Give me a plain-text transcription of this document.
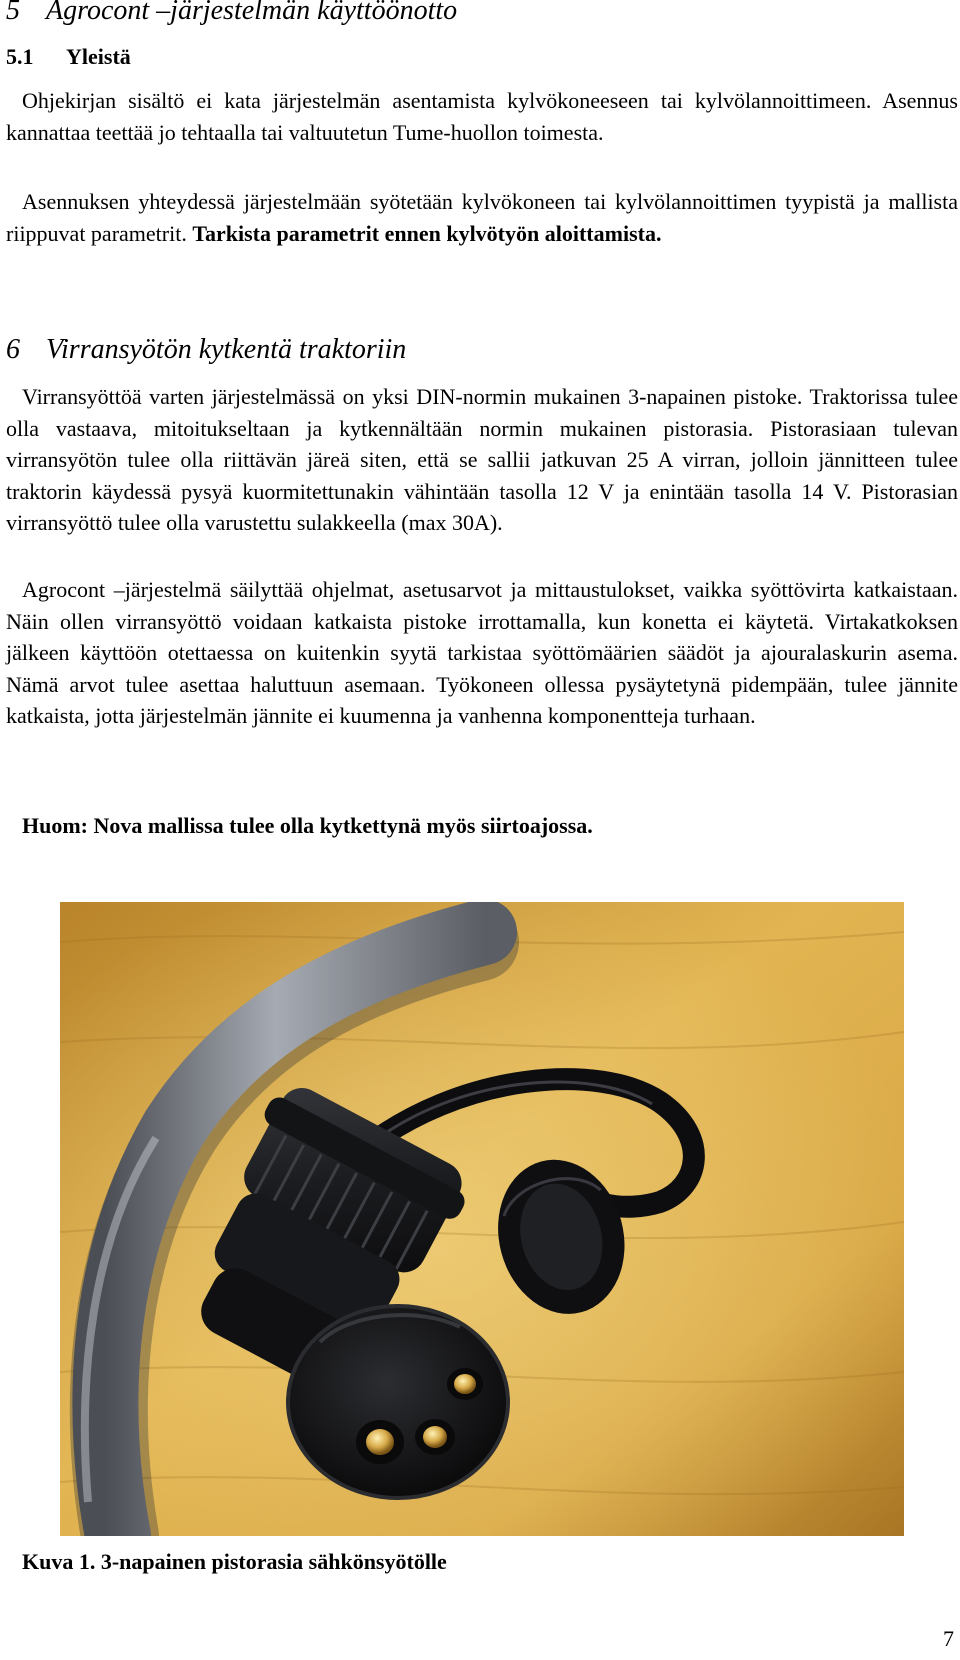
5 Agrocont –järjestelmän käyttöönotto
5.1 Yleistä

Ohjekirjan sisältö ei kata järjestelmän asentamista kylvökoneeseen tai kylvölannoittimeen. Asennus kannattaa teettää jo tehtaalla tai valtuutetun Tume-huollon toimesta.

Asennuksen yhteydessä järjestelmään syötetään kylvökoneen tai kylvölannoittimen tyypistä ja mallista riippuvat parametrit. Tarkista parametrit ennen kylvötyön aloittamista.

6 Virransyötön kytkentä traktoriin

Virransyöttöä varten järjestelmässä on yksi DIN-normin mukainen 3-napainen pistoke. Traktorissa tulee olla vastaava, mitoitukseltaan ja kytkennältään normin mukainen pistorasia. Pistorasiaan tulevan virransyötön tulee olla riittävän järeä siten, että se sallii jatkuvan 25 A virran, jolloin jännitteen tulee traktorin käydessä pysyä kuormitettunakin vähintään tasolla 12 V ja enintään tasolla 14 V. Pistorasian virransyöttö tulee olla varustettu sulakkeella (max 30A).

Agrocont –järjestelmä säilyttää ohjelmat, asetusarvot ja mittaustulokset, vaikka syöttövirta katkaistaan. Näin ollen virransyöttö voidaan katkaista pistoke irrottamalla, kun konetta ei käytetä. Virtakatkoksen jälkeen käyttöön otettaessa on kuitenkin syytä tarkistaa syöttömäärien säädöt ja ajouralaskurin asema. Nämä arvot tulee asettaa haluttuun asemaan. Työkoneen ollessa pysäytetynä pidempään, tulee jännite katkaista, jotta järjestelmän jännite ei kuumenna ja vanhenna komponentteja turhaan.

Huom: Nova mallissa tulee olla kytkettynä myös siirtoajossa.

Kuva 1. 3-napainen pistorasia sähkönsyötölle

7
